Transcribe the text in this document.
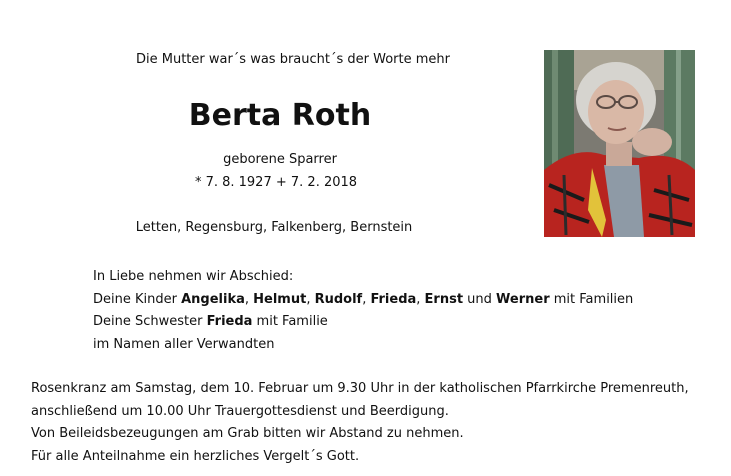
Die Mutter war´s was braucht´s der Worte mehr
Berta Roth
geborene Sparrer
* 7. 8. 1927 + 7. 2. 2018
Letten, Regensburg, Falkenberg, Bernstein
In Liebe nehmen wir Abschied:
Deine Kinder Angelika, Helmut, Rudolf, Frieda, Ernst und Werner mit Familien
Deine Schwester Frieda mit Familie
im Namen aller Verwandten
Rosenkranz am Samstag, dem 10. Februar um 9.30 Uhr in der katholischen Pfarrkirche Premenreuth,
anschließend um 10.00 Uhr Trauergottesdienst und Beerdigung.
Von Beileidsbezeugungen am Grab bitten wir Abstand zu nehmen.
Für alle Anteilnahme ein herzliches Vergelt´s Gott.
